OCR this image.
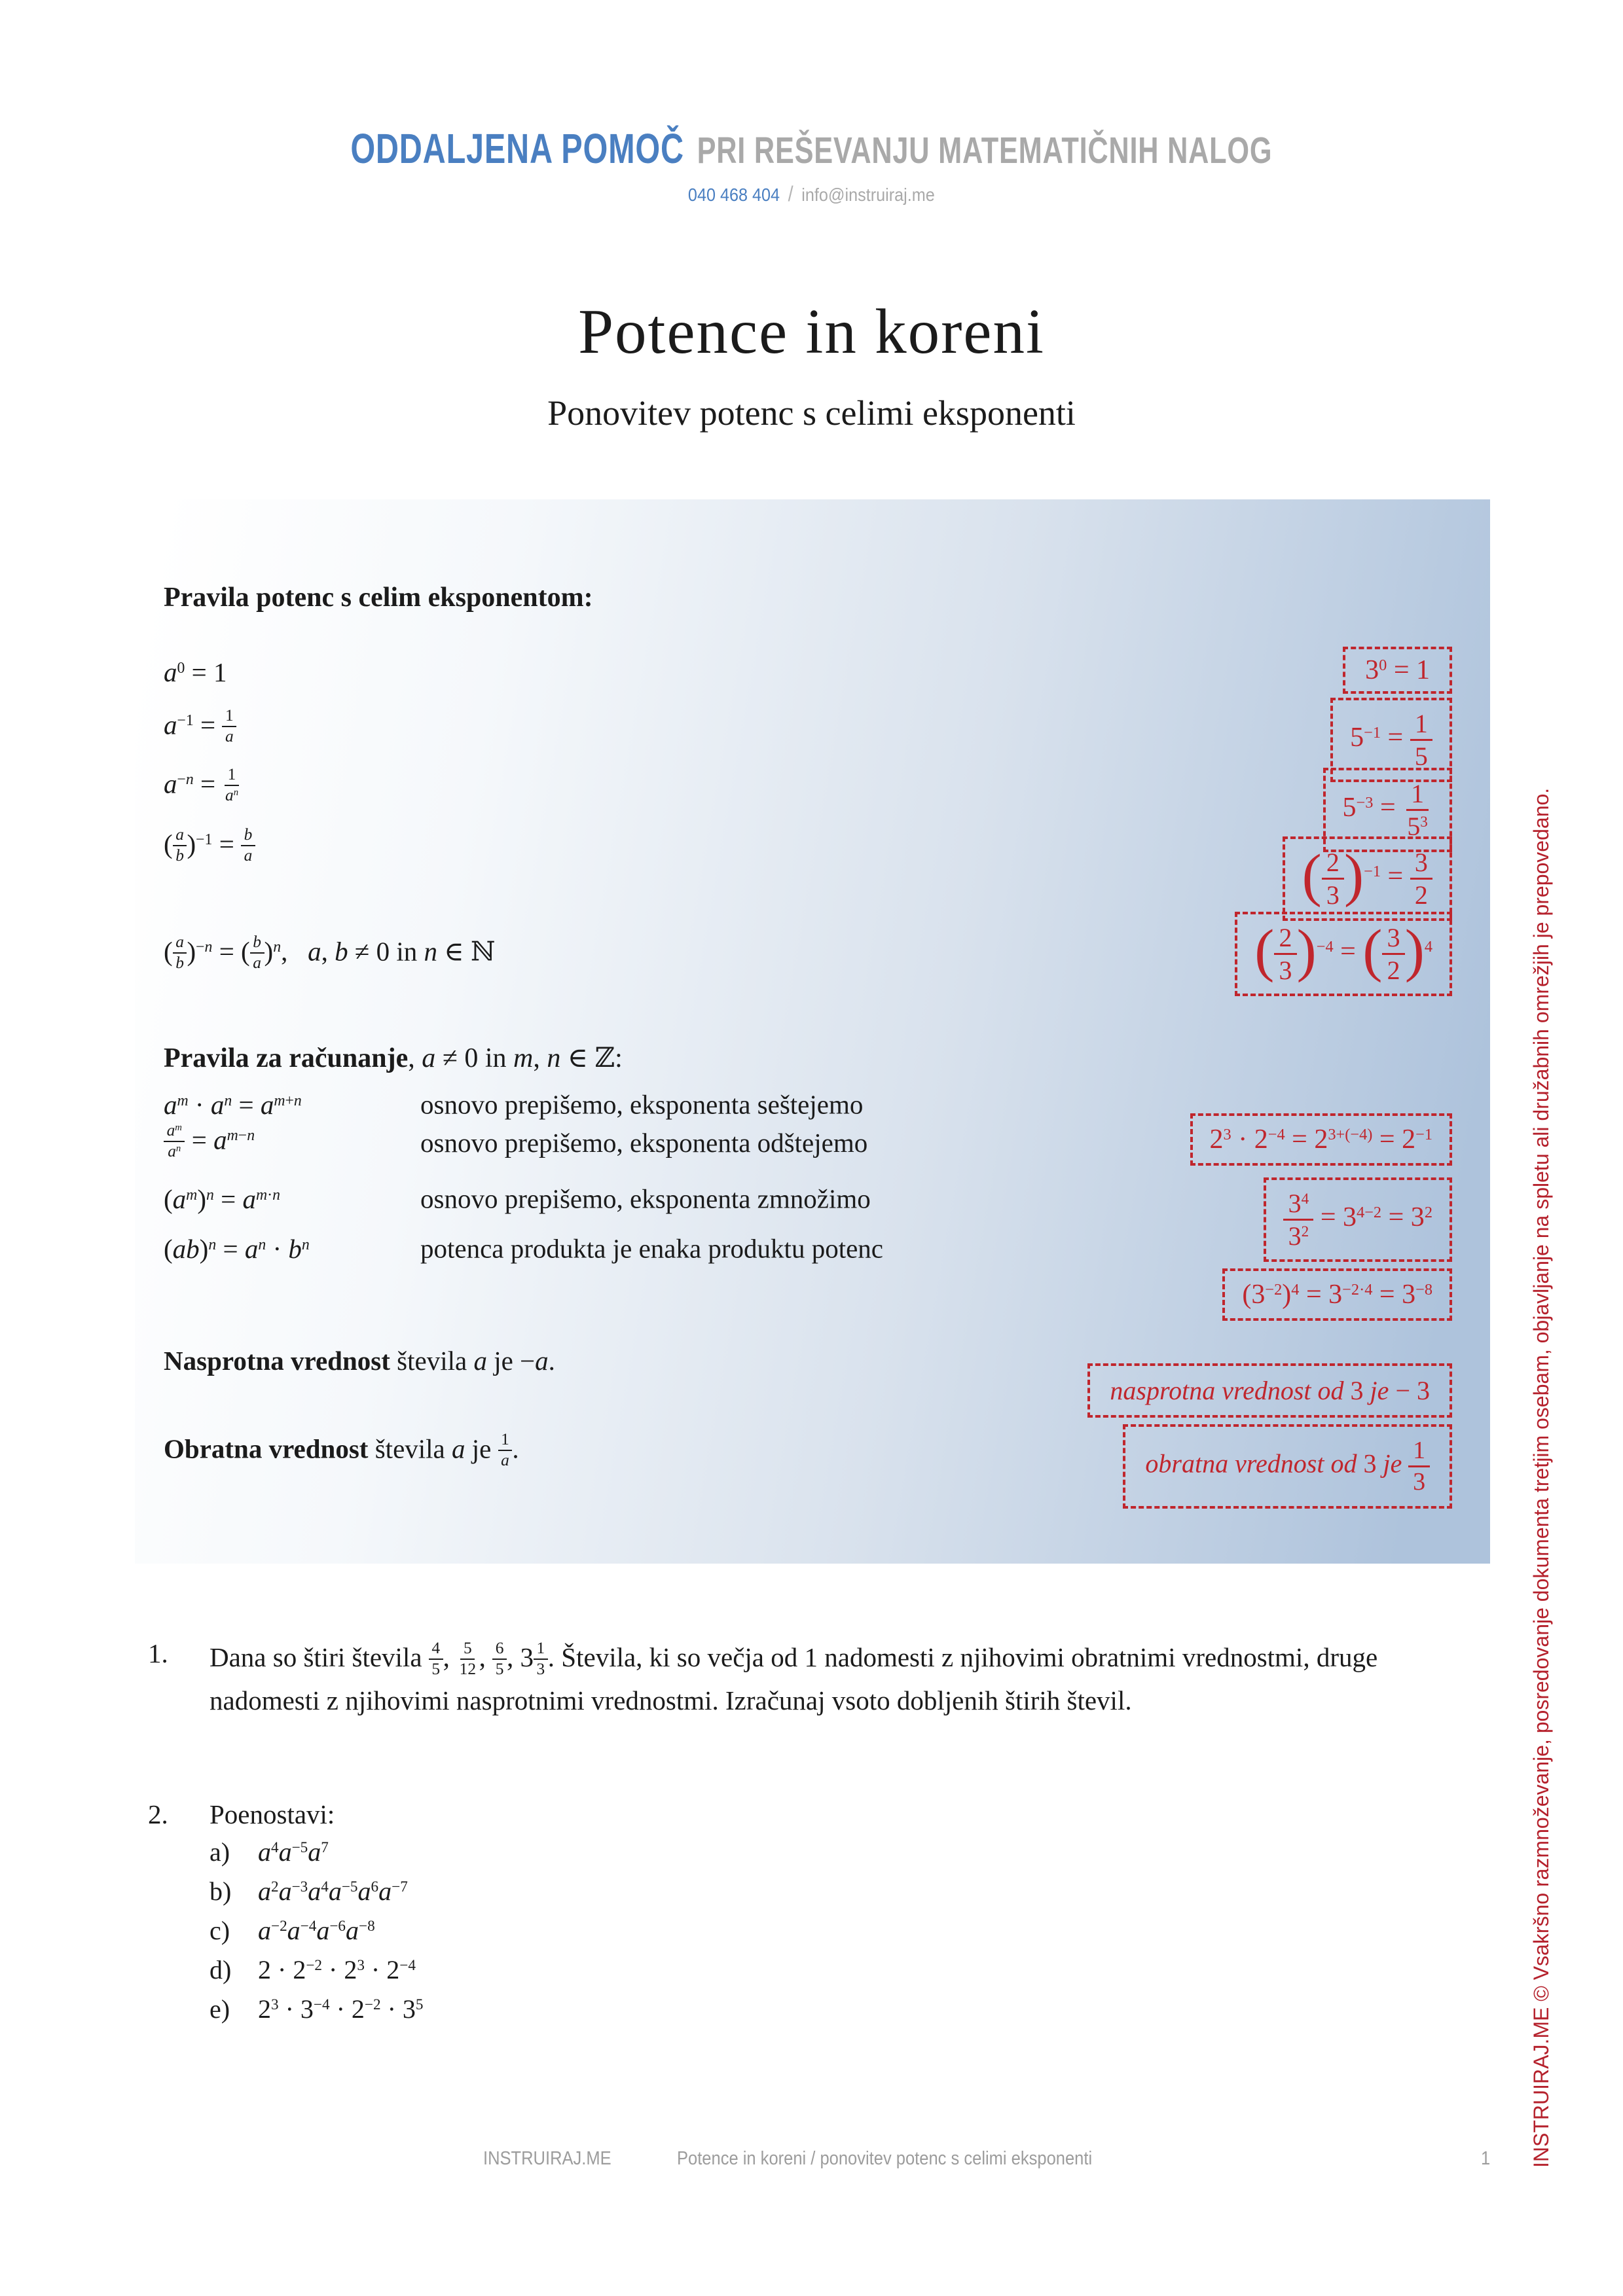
ODDALJENA POMOČ PRI REŠEVANJU MATEMATIČNIH NALOG
040 468 404 / info@instruiraj.me
Potence in koreni
Ponovitev potenc s celimi eksponenti
Pravila potenc s celim eksponentom:
$a^0 = 1$
$a^{-1} = \frac{1}{a}$
$a^{-n} = \frac{1}{a^n}$
( $\frac{a}{b} )^{-1} = \frac{b}{a}$
( $\frac{a}{b} )^{-n}$ = ( $\frac{b}{a} )^n$,  a, b ≠ 0 in n ∈ ℕ
Pravila za računanje, a ≠ 0 in m, n ∈ ℤ:
$a^m \cdot a^n = a^{m+n}$	osnovo prepišemo, eksponenta seštejemo
$\frac{a^m}{a^n} = a^{m-n}$	osnovo prepišemo, eksponenta odštejemo
$(a^m)^n = a^{m\cdot n}$	osnovo prepišemo, eksponenta zmnožimo
$(ab)^n = a^n \cdot b^n$	potenca produkta je enaka produktu potenc
Nasprotna vrednost števila a je −a.
Obratna vrednost števila a je $\frac{1}{a}$ .
$3^0 = 1$
$5^{-1} = \frac{1}{5}$
$5^{-3} = \frac{1}{5^3}$
( $\frac{2}{3} )^{-1} = \frac{3}{2}$
( $\frac{2}{3} )^{-4}$ = ( $\frac{3}{2} )^4$
$2^3 \cdot 2^{-4} = 2^{3+(-4)} = 2^{-1}$
$\frac{3^4}{3^2} = 3^{4-2} = 3^2$
$(3^{-2})^4 = 3^{-2\cdot 4} = 3^{-8}$
nasprotna vrednost od 3 je − 3
obratna vrednost od 3 je $\frac{1}{3}$
1.	Dana so štiri števila $\frac{4}{5}$ , $\frac{5}{12}$ , $\frac{6}{5}$ , $3 \frac{1}{3}$ . Števila, ki so večja od 1 nadomesti z njihovimi obratnimi vrednostmi, druge nadomesti z njihovimi nasprotnimi vrednostmi. Izračunaj vsoto dobljenih štirih števil.
2.	Poenostavi:
a) $a^4a^{-5}a^7$
b) $a^2a^{-3}a^4a^{-5}a^6a^{-7}$
c) $a^{-2}a^{-4}a^{-6}a^{-8}$
d) $2 \cdot 2^{-2} \cdot 2^3 \cdot 2^{-4}$
e) $2^3 \cdot 3^{-4} \cdot 2^{-2} \cdot 3^5$
INSTRUIRAJ.ME	Potence in koreni / ponovitev potenc s celimi eksponenti	1 INSTRUIRAJ.ME © Vsakršno razmnoževanje, posredovanje dokumenta tretjim osebam, objavljanje na spletu ali družabnih omrežjih je prepovedano.
